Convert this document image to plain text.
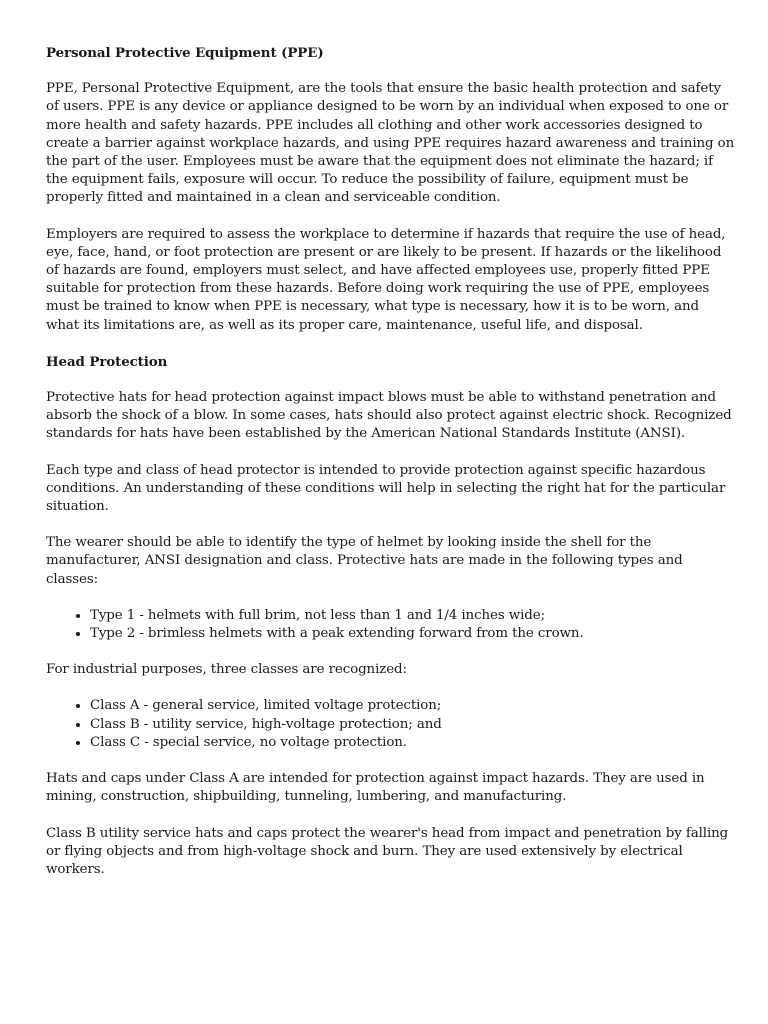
Personal Protective Equipment (PPE)

PPE, Personal Protective Equipment, are the tools that ensure the basic health protection and safety of users. PPE is any device or appliance designed to be worn by an individual when exposed to one or more health and safety hazards. PPE includes all clothing and other work accessories designed to create a barrier against workplace hazards, and using PPE requires hazard awareness and training on the part of the user. Employees must be aware that the equipment does not eliminate the hazard; if the equipment fails, exposure will occur. To reduce the possibility of failure, equipment must be properly fitted and maintained in a clean and serviceable condition.

Employers are required to assess the workplace to determine if hazards that require the use of head, eye, face, hand, or foot protection are present or are likely to be present. If hazards or the likelihood of hazards are found, employers must select, and have affected employees use, properly fitted PPE suitable for protection from these hazards. Before doing work requiring the use of PPE, employees must be trained to know when PPE is necessary, what type is necessary, how it is to be worn, and what its limitations are, as well as its proper care, maintenance, useful life, and disposal.

Head Protection

Protective hats for head protection against impact blows must be able to withstand penetration and absorb the shock of a blow. In some cases, hats should also protect against electric shock. Recognized standards for hats have been established by the American National Standards Institute (ANSI).

Each type and class of head protector is intended to provide protection against specific hazardous conditions. An understanding of these conditions will help in selecting the right hat for the particular situation.

The wearer should be able to identify the type of helmet by looking inside the shell for the manufacturer, ANSI designation and class. Protective hats are made in the following types and classes:

• Type 1 - helmets with full brim, not less than 1 and 1/4 inches wide;
• Type 2 - brimless helmets with a peak extending forward from the crown.

For industrial purposes, three classes are recognized:

• Class A - general service, limited voltage protection;
• Class B - utility service, high-voltage protection; and
• Class C - special service, no voltage protection.

Hats and caps under Class A are intended for protection against impact hazards. They are used in mining, construction, shipbuilding, tunneling, lumbering, and manufacturing.

Class B utility service hats and caps protect the wearer's head from impact and penetration by falling or flying objects and from high-voltage shock and burn. They are used extensively by electrical workers.
